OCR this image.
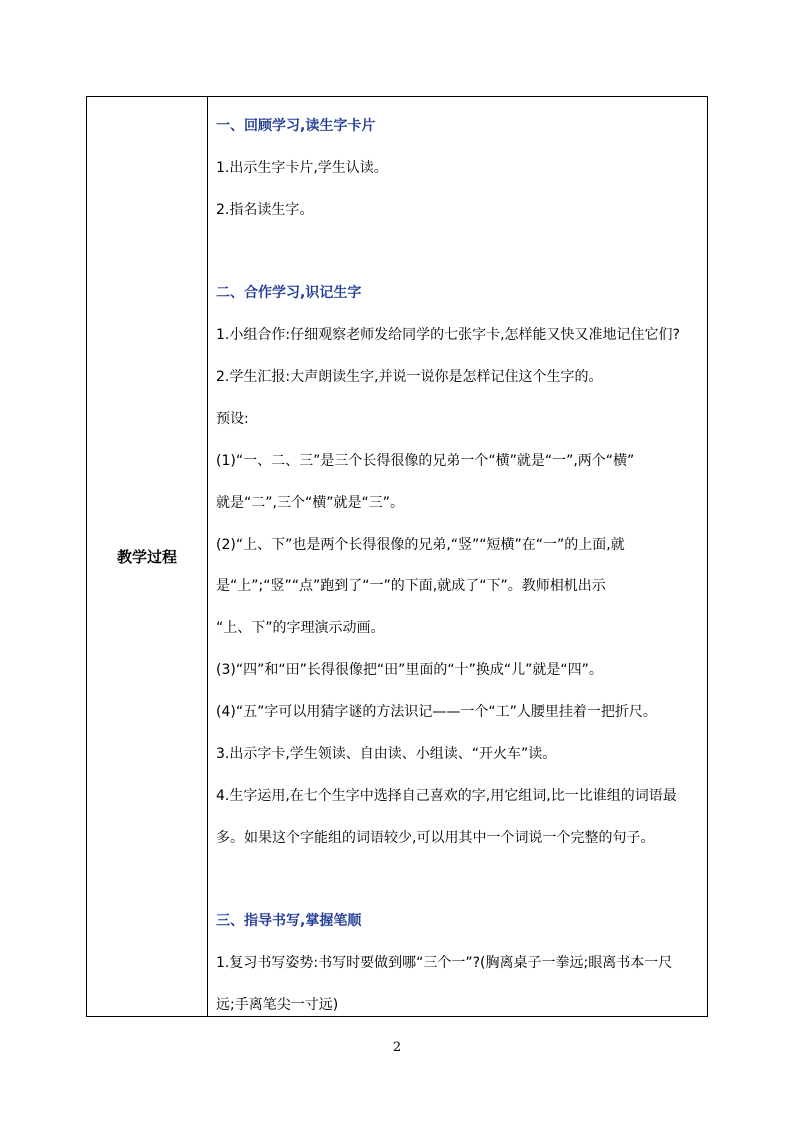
教学过程
一、回顾学习,读生字卡片
1.出示生字卡片,学生认读。
2.指名读生字。
二、合作学习,识记生字
1.小组合作:仔细观察老师发给同学的七张字卡,怎样能又快又准地记住它们?
2.学生汇报:大声朗读生字,并说一说你是怎样记住这个生字的。
预设:
(1)“一、二、三”是三个长得很像的兄弟一个“横”就是“一”,两个“横”
就是“二”,三个“横”就是“三”。
(2)“上、下”也是两个长得很像的兄弟,“竖”“短横”在“一”的上面,就
是“上”;“竖”“点”跑到了“一”的下面,就成了“下”。教师相机出示
“上、下”的字理演示动画。
(3)“四”和“田”长得很像把“田”里面的“十”换成“儿”就是“四”。
(4)“五”字可以用猜字谜的方法识记——一个“工”人腰里挂着一把折尺。
3.出示字卡,学生领读、自由读、小组读、“开火车”读。
4.生字运用,在七个生字中选择自己喜欢的字,用它组词,比一比谁组的词语最
多。如果这个字能组的词语较少,可以用其中一个词说一个完整的句子。
三、指导书写,掌握笔顺
1.复习书写姿势:书写时要做到哪“三个一”?(胸离桌子一拳远;眼离书本一尺
远;手离笔尖一寸远)
2
